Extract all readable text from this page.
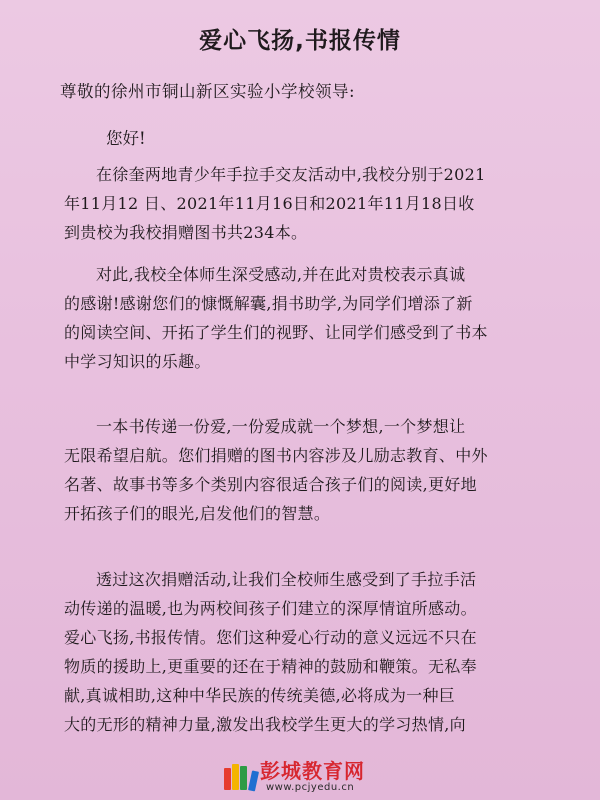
爱心飞扬,书报传情
尊敬的徐州市铜山新区实验小学校领导:
您好!
在徐奎两地青少年手拉手交友活动中,我校分别于2021
年11月12 日、2021年11月16日和2021年11月18日收
到贵校为我校捐赠图书共234本。
对此,我校全体师生深受感动,并在此对贵校表示真诚
的感谢!感谢您们的慷慨解囊,捐书助学,为同学们增添了新
的阅读空间、开拓了学生们的视野、让同学们感受到了书本
中学习知识的乐趣。
一本书传递一份爱,一份爱成就一个梦想,一个梦想让
无限希望启航。您们捐赠的图书内容涉及儿励志教育、中外
名著、故事书等多个类别内容很适合孩子们的阅读,更好地
开拓孩子们的眼光,启发他们的智慧。
透过这次捐赠活动,让我们全校师生感受到了手拉手活
动传递的温暖,也为两校间孩子们建立的深厚情谊所感动。
爱心飞扬,书报传情。您们这种爱心行动的意义远远不只在
物质的援助上,更重要的还在于精神的鼓励和鞭策。无私奉
献,真诚相助,这种中华民族的传统美德,必将成为一种巨
大的无形的精神力量,激发出我校学生更大的学习热情,向
彭城教育网
www.pcjyedu.cn
